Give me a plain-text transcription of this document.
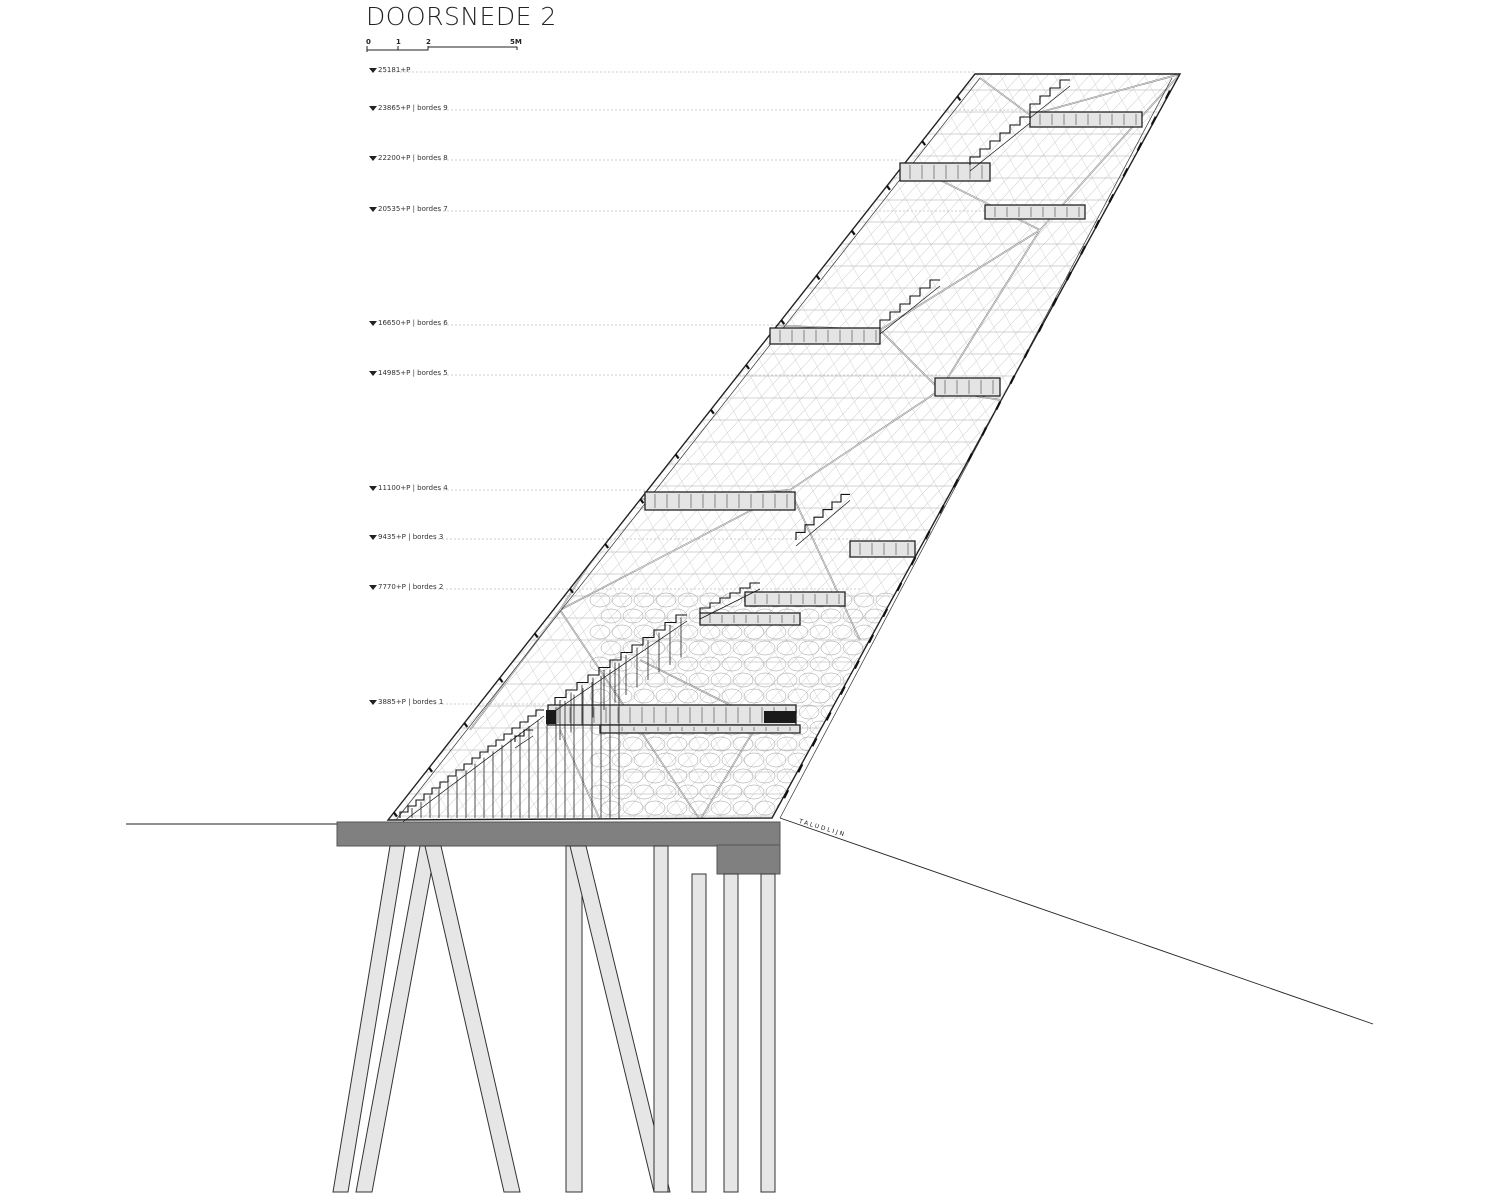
DOORSNEDE 2
0	1	2	5M
25181+P
23865+P | bordes 9
22200+P | bordes 8
20535+P | bordes 7
16650+P | bordes 6
14985+P | bordes 5
11100+P | bordes 4
9435+P | bordes 3
7770+P | bordes 2
3885+P | bordes 1
TALUDLIJN
